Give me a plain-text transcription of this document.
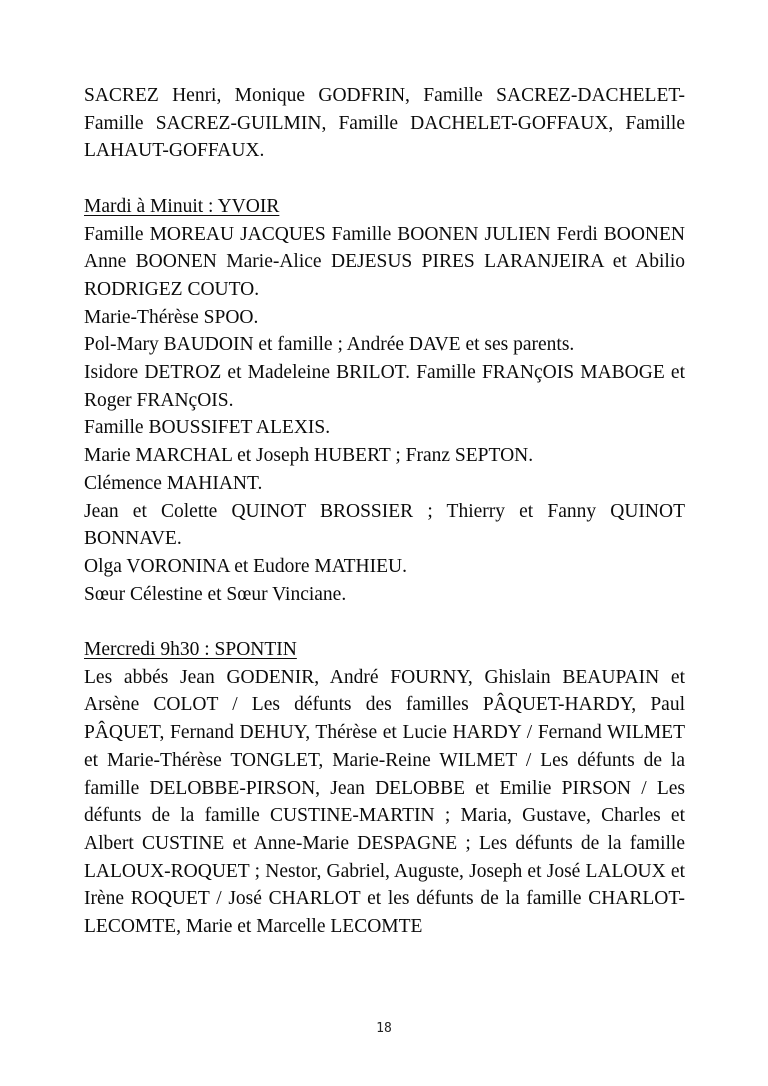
SACREZ Henri, Monique GODFRIN, Famille SACREZ-DACHELET- Famille SACREZ-GUILMIN, Famille DACHELET-GOFFAUX, Famille LAHAUT-GOFFAUX.

Mardi à Minuit : YVOIR

Famille MOREAU JACQUES Famille BOONEN JULIEN Ferdi BOONEN Anne BOONEN Marie-Alice DEJESUS PIRES LARANJEIRA et Abilio RODRIGEZ COUTO.

Marie-Thérèse SPOO.

Pol-Mary BAUDOIN et famille ; Andrée DAVE et ses parents.

Isidore DETROZ et Madeleine BRILOT. Famille FRANçOIS MABOGE et Roger FRANçOIS.

Famille BOUSSIFET ALEXIS.

Marie MARCHAL et Joseph HUBERT ; Franz SEPTON.

Clémence MAHIANT.

Jean et Colette QUINOT BROSSIER ; Thierry et Fanny QUINOT BONNAVE.

Olga VORONINA et Eudore MATHIEU.

Sœur Célestine et Sœur Vinciane.

Mercredi 9h30 : SPONTIN

Les abbés Jean GODENIR, André FOURNY, Ghislain BEAUPAIN et Arsène COLOT / Les défunts des familles PÂQUET-HARDY, Paul PÂQUET, Fernand DEHUY, Thérèse et Lucie HARDY / Fernand WILMET et Marie-Thérèse TONGLET, Marie-Reine WILMET / Les défunts de la famille DELOBBE-PIRSON, Jean DELOBBE et Emilie PIRSON / Les défunts de la famille CUSTINE-MARTIN ; Maria, Gustave, Charles et Albert CUSTINE et Anne-Marie DESPAGNE ; Les défunts de la famille LALOUX-ROQUET ; Nestor, Gabriel, Auguste, Joseph et José LALOUX et Irène ROQUET / José CHARLOT et les défunts de la famille CHARLOT-LECOMTE, Marie et Marcelle LECOMTE

18
